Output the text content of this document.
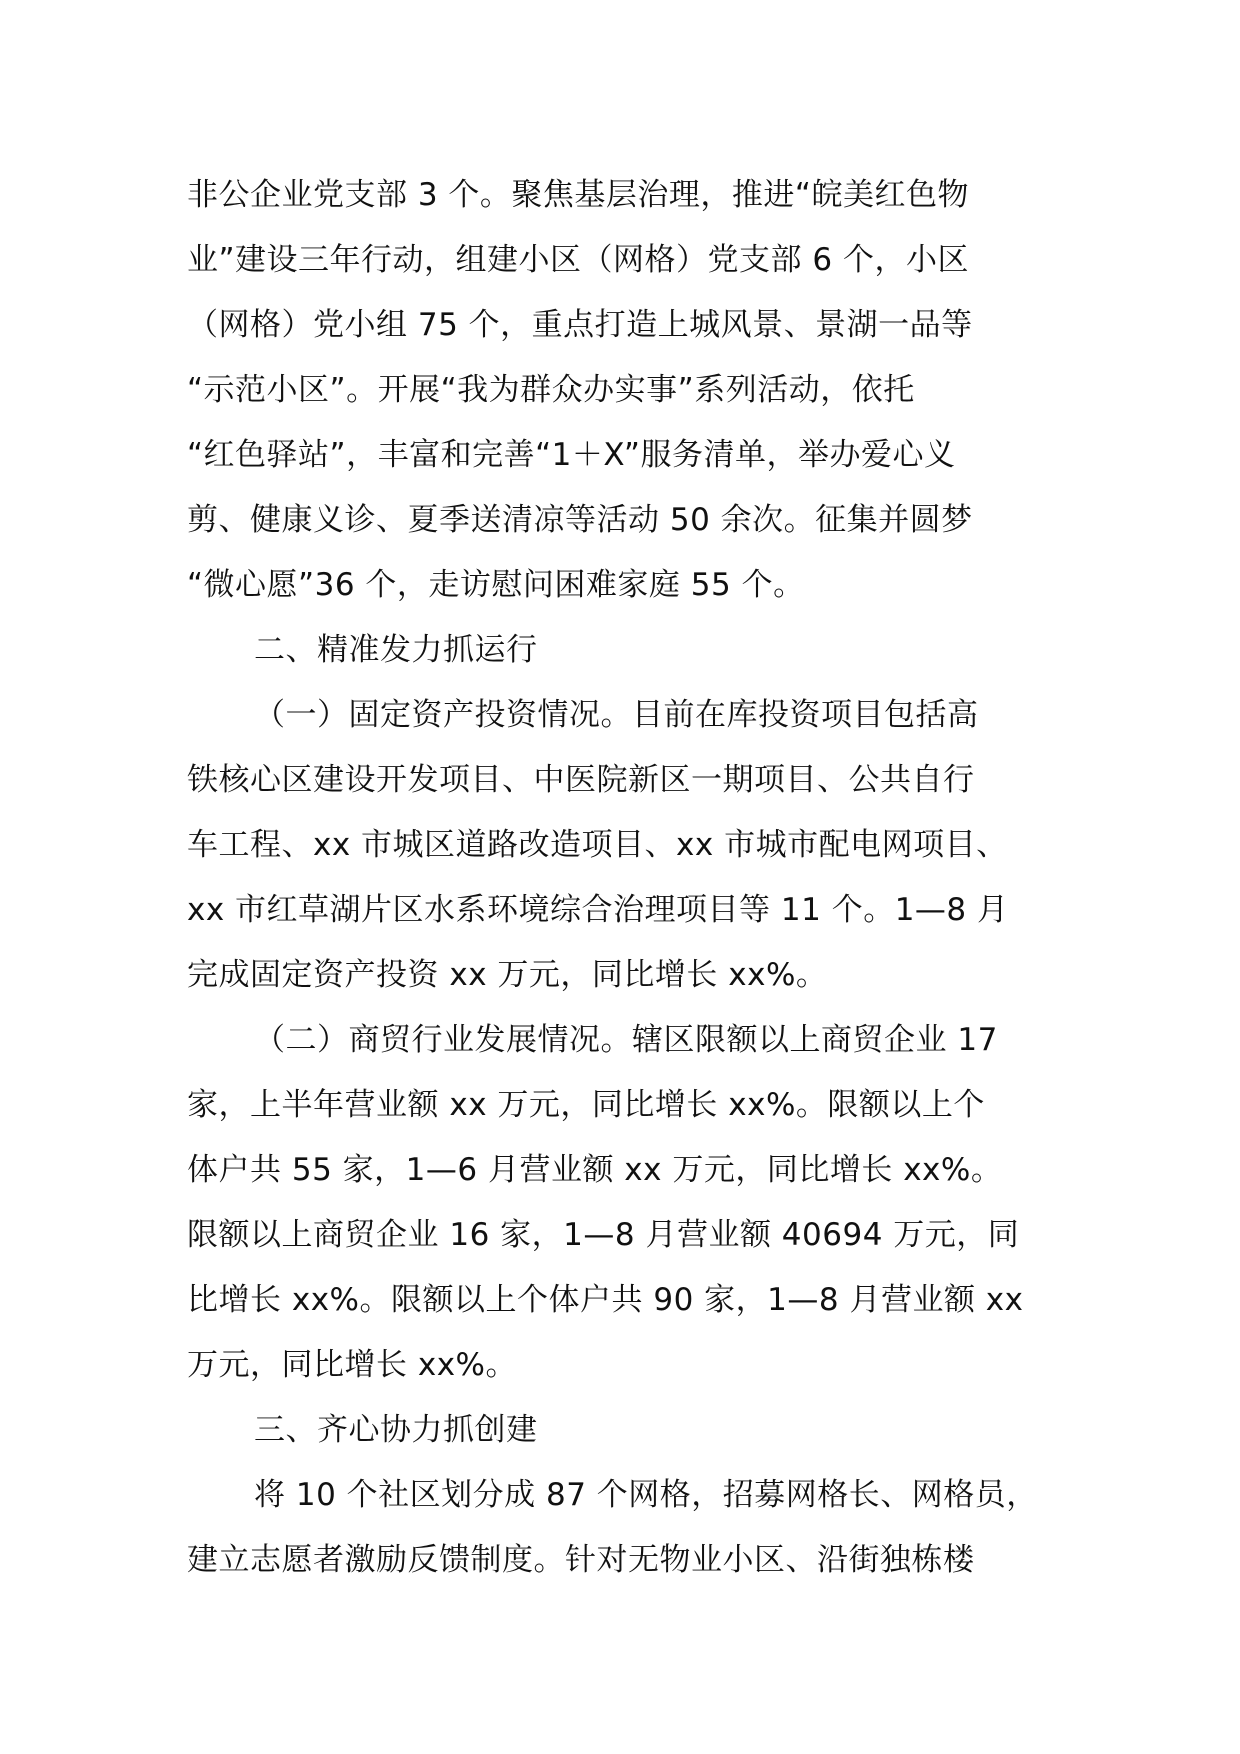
非公企业党支部 3 个。聚焦基层治理，推进“皖美红色物
业”建设三年行动，组建小区（网格）党支部 6 个，小区
（网格）党小组 75 个，重点打造上城风景、景湖一品等
“示范小区”。开展“我为群众办实事”系列活动，依托
“红色驿站”，丰富和完善“1＋X”服务清单，举办爱心义
剪、健康义诊、夏季送清凉等活动 50 余次。征集并圆梦
“微心愿”36 个，走访慰问困难家庭 55 个。
二、精准发力抓运行
（一）固定资产投资情况。目前在库投资项目包括高
铁核心区建设开发项目、中医院新区一期项目、公共自行
车工程、xx 市城区道路改造项目、xx 市城市配电网项目、
xx 市红草湖片区水系环境综合治理项目等 11 个。1—8 月
完成固定资产投资 xx 万元，同比增长 xx%。
（二）商贸行业发展情况。辖区限额以上商贸企业 17
家，上半年营业额 xx 万元，同比增长 xx%。限额以上个
体户共 55 家，1—6 月营业额 xx 万元，同比增长 xx%。
限额以上商贸企业 16 家，1—8 月营业额 40694 万元，同
比增长 xx%。限额以上个体户共 90 家，1—8 月营业额 xx
万元，同比增长 xx%。
三、齐心协力抓创建
将 10 个社区划分成 87 个网格，招募网格长、网格员，
建立志愿者激励反馈制度。针对无物业小区、沿街独栋楼
